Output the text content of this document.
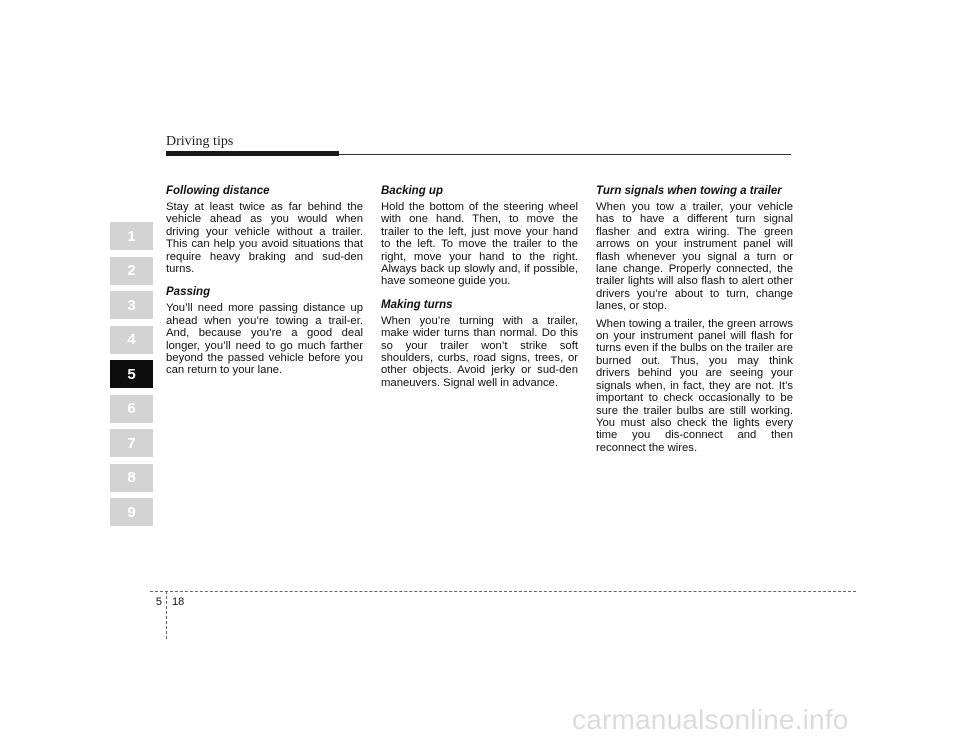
Driving tips
1
2
3
4
5
6
7
8
9
Following distance

Stay at least twice as far behind the vehicle ahead as you would when driving your vehicle without a trailer. This can help you avoid situations that require heavy braking and sud-den turns.

Passing

You’ll need more passing distance up ahead when you’re towing a trail-er. And, because you’re a good deal longer, you’ll need to go much farther beyond the passed vehicle before you can return to your lane.

Backing up

Hold the bottom of the steering wheel with one hand. Then, to move the trailer to the left, just move your hand to the left. To move the trailer to the right, move your hand to the right. Always back up slowly and, if possible, have someone guide you.

Making turns

When you’re turning with a trailer, make wider turns than normal. Do this so your trailer won’t strike soft shoulders, curbs, road signs, trees, or other objects. Avoid jerky or sud-den maneuvers. Signal well in advance.

Turn signals when towing a trailer

When you tow a trailer, your vehicle has to have a different turn signal flasher and extra wiring. The green arrows on your instrument panel will flash whenever you signal a turn or lane change. Properly connected, the trailer lights will also flash to alert other drivers you’re about to turn, change lanes, or stop.

When towing a trailer, the green arrows on your instrument panel will flash for turns even if the bulbs on the trailer are burned out. Thus, you may think drivers behind you are seeing your signals when, in fact, they are not. It’s important to check occasionally to be sure the trailer bulbs are still working. You must also check the lights every time you dis-connect and then reconnect the wires.

5 18
carmanualsonline.info
